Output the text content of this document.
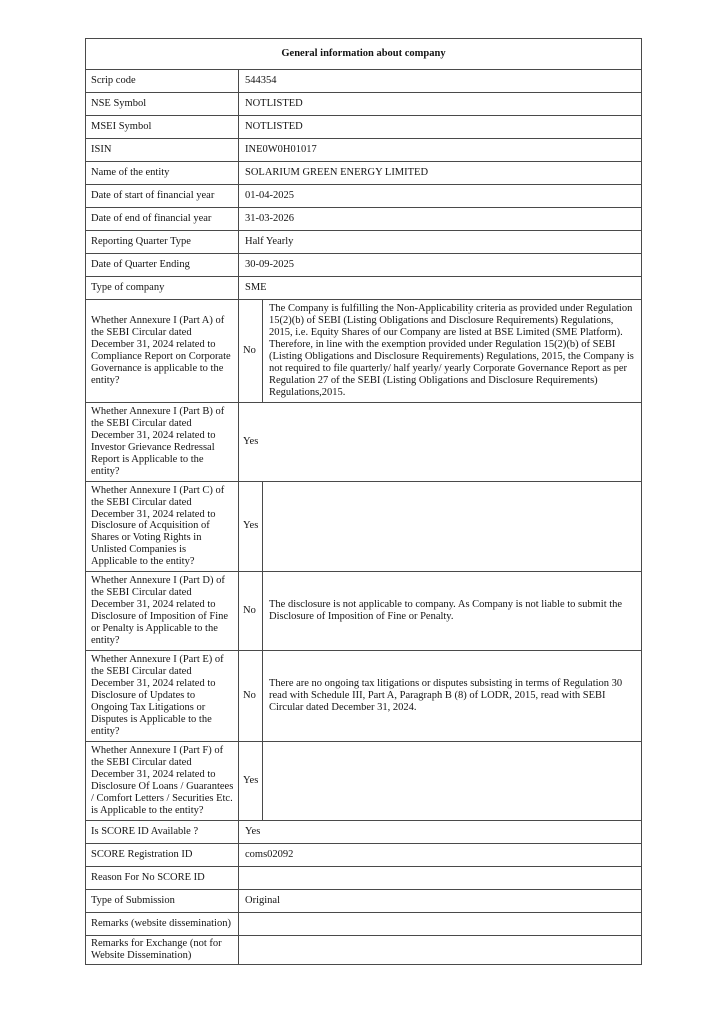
General information about company		
Scrip code	544354	
NSE Symbol	NOTLISTED	
MSEI Symbol	NOTLISTED	
ISIN	INE0W0H01017	
Name of the entity	SOLARIUM GREEN ENERGY LIMITED	
Date of start of financial year	01-04-2025	
Date of end of financial year	31-03-2026	
Reporting Quarter Type	Half Yearly	
Date of Quarter Ending	30-09-2025	
Type of company	SME	
Whether Annexure I (Part A) of the SEBI Circular dated December 31, 2024 related to Compliance Report on Corporate Governance is applicable to the entity?	No	The Company is fulfilling the Non-Applicability criteria as provided under Regulation 15(2)(b) of SEBI (Listing Obligations and Disclosure Requirements) Regulations, 2015, i.e. Equity Shares of our Company are listed at BSE Limited (SME Platform). Therefore, in line with the exemption provided under Regulation 15(2)(b) of SEBI (Listing Obligations and Disclosure Requirements) Regulations, 2015, the Company is not required to file quarterly/ half yearly/ yearly Corporate Governance Report as per Regulation 27 of the SEBI (Listing Obligations and Disclosure Requirements) Regulations,2015.
Whether Annexure I (Part B) of the SEBI Circular dated December 31, 2024 related to Investor Grievance Redressal Report is Applicable to the entity?	Yes	
Whether Annexure I (Part C) of the SEBI Circular dated December 31, 2024 related to Disclosure of Acquisition of Shares or Voting Rights in Unlisted Companies is Applicable to the entity?	Yes	
Whether Annexure I (Part D) of the SEBI Circular dated December 31, 2024 related to Disclosure of Imposition of Fine or Penalty is Applicable to the entity?	No	The disclosure is not applicable to company. As Company is not liable to submit the Disclosure of Imposition of Fine or Penalty.
Whether Annexure I (Part E) of the SEBI Circular dated December 31, 2024 related to Disclosure of Updates to Ongoing Tax Litigations or Disputes is Applicable to the entity?	No	There are no ongoing tax litigations or disputes subsisting in terms of Regulation 30 read with Schedule III, Part A, Paragraph B (8) of LODR, 2015, read with SEBI Circular dated December 31, 2024.
Whether Annexure I (Part F) of the SEBI Circular dated December 31, 2024 related to Disclosure Of Loans / Guarantees / Comfort Letters / Securities Etc. is Applicable to the entity?	Yes	
Is SCORE ID Available ?	Yes	
SCORE Registration ID	coms02092	
Reason For No SCORE ID		
Type of Submission	Original	
Remarks (website dissemination)		
Remarks for Exchange (not for Website Dissemination)		
